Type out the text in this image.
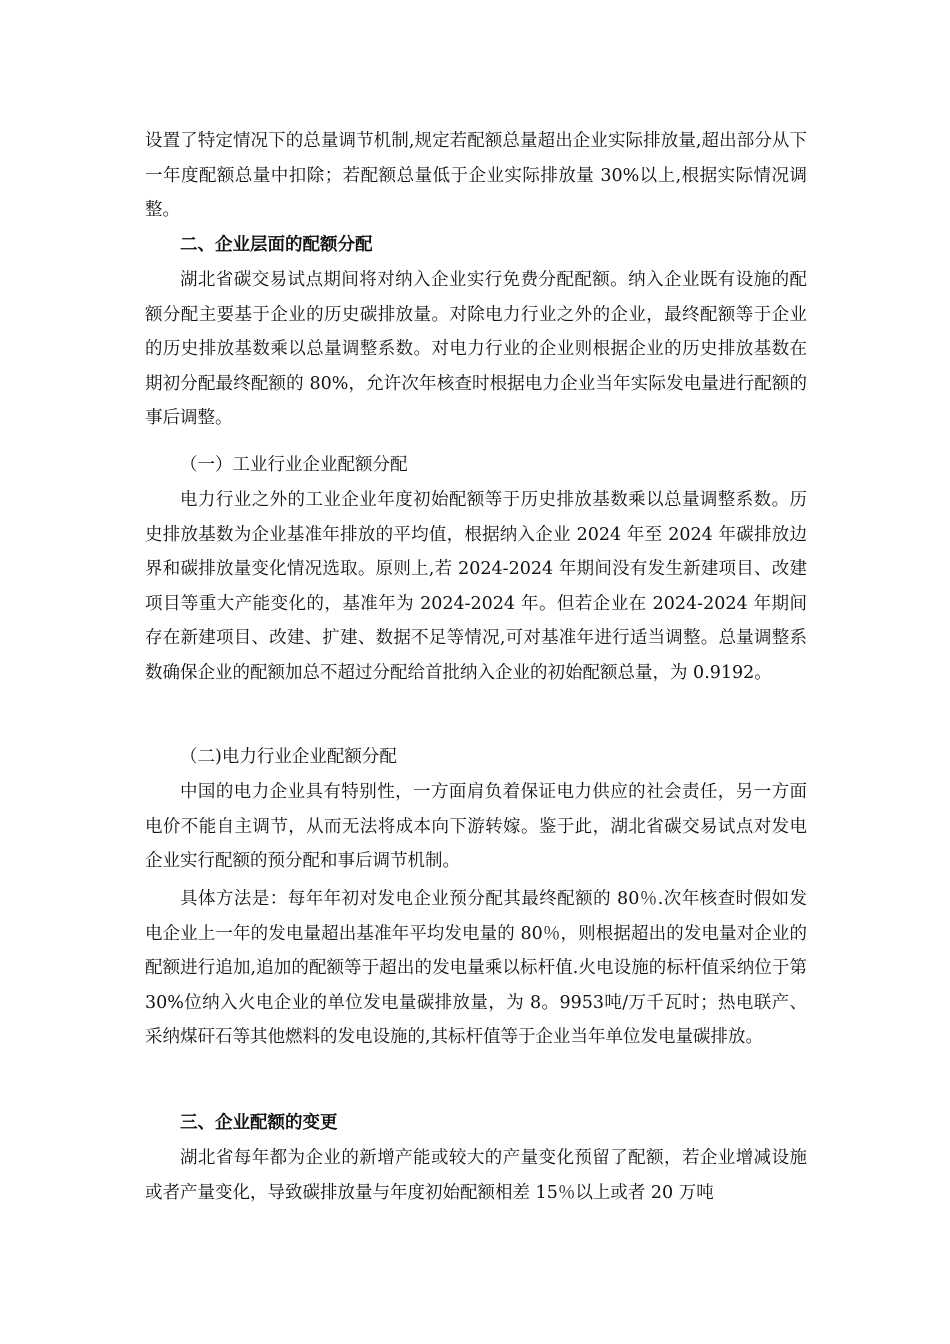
设置了特定情况下的总量调节机制,规定若配额总量超出企业实际排放量,超出部分从下一年度配额总量中扣除；若配额总量低于企业实际排放量 30%以上,根据实际情况调整。

二、企业层面的配额分配

湖北省碳交易试点期间将对纳入企业实行免费分配配额。纳入企业既有设施的配额分配主要基于企业的历史碳排放量。对除电力行业之外的企业，最终配额等于企业的历史排放基数乘以总量调整系数。对电力行业的企业则根据企业的历史排放基数在期初分配最终配额的 80%，允许次年核查时根据电力企业当年实际发电量进行配额的事后调整。

（一）工业行业企业配额分配

电力行业之外的工业企业年度初始配额等于历史排放基数乘以总量调整系数。历史排放基数为企业基准年排放的平均值，根据纳入企业 2024 年至 2024 年碳排放边界和碳排放量变化情况选取。原则上,若 2024-2024 年期间没有发生新建项目、改建项目等重大产能变化的，基准年为 2024-2024 年。但若企业在 2024-2024 年期间存在新建项目、改建、扩建、数据不足等情况,可对基准年进行适当调整。总量调整系数确保企业的配额加总不超过分配给首批纳入企业的初始配额总量，为 0.9192。

（二)电力行业企业配额分配

中国的电力企业具有特别性，一方面肩负着保证电力供应的社会责任，另一方面电价不能自主调节，从而无法将成本向下游转嫁。鉴于此，湖北省碳交易试点对发电企业实行配额的预分配和事后调节机制。

具体方法是：每年年初对发电企业预分配其最终配额的 80％.次年核查时假如发电企业上一年的发电量超出基准年平均发电量的 80％，则根据超出的发电量对企业的配额进行追加,追加的配额等于超出的发电量乘以标杆值.火电设施的标杆值采纳位于第 30%位纳入火电企业的单位发电量碳排放量，为 8。9953吨/万千瓦时；热电联产、采纳煤矸石等其他燃料的发电设施的,其标杆值等于企业当年单位发电量碳排放。

三、企业配额的变更

湖北省每年都为企业的新增产能或较大的产量变化预留了配额，若企业增减设施或者产量变化，导致碳排放量与年度初始配额相差 15％以上或者 20 万吨
